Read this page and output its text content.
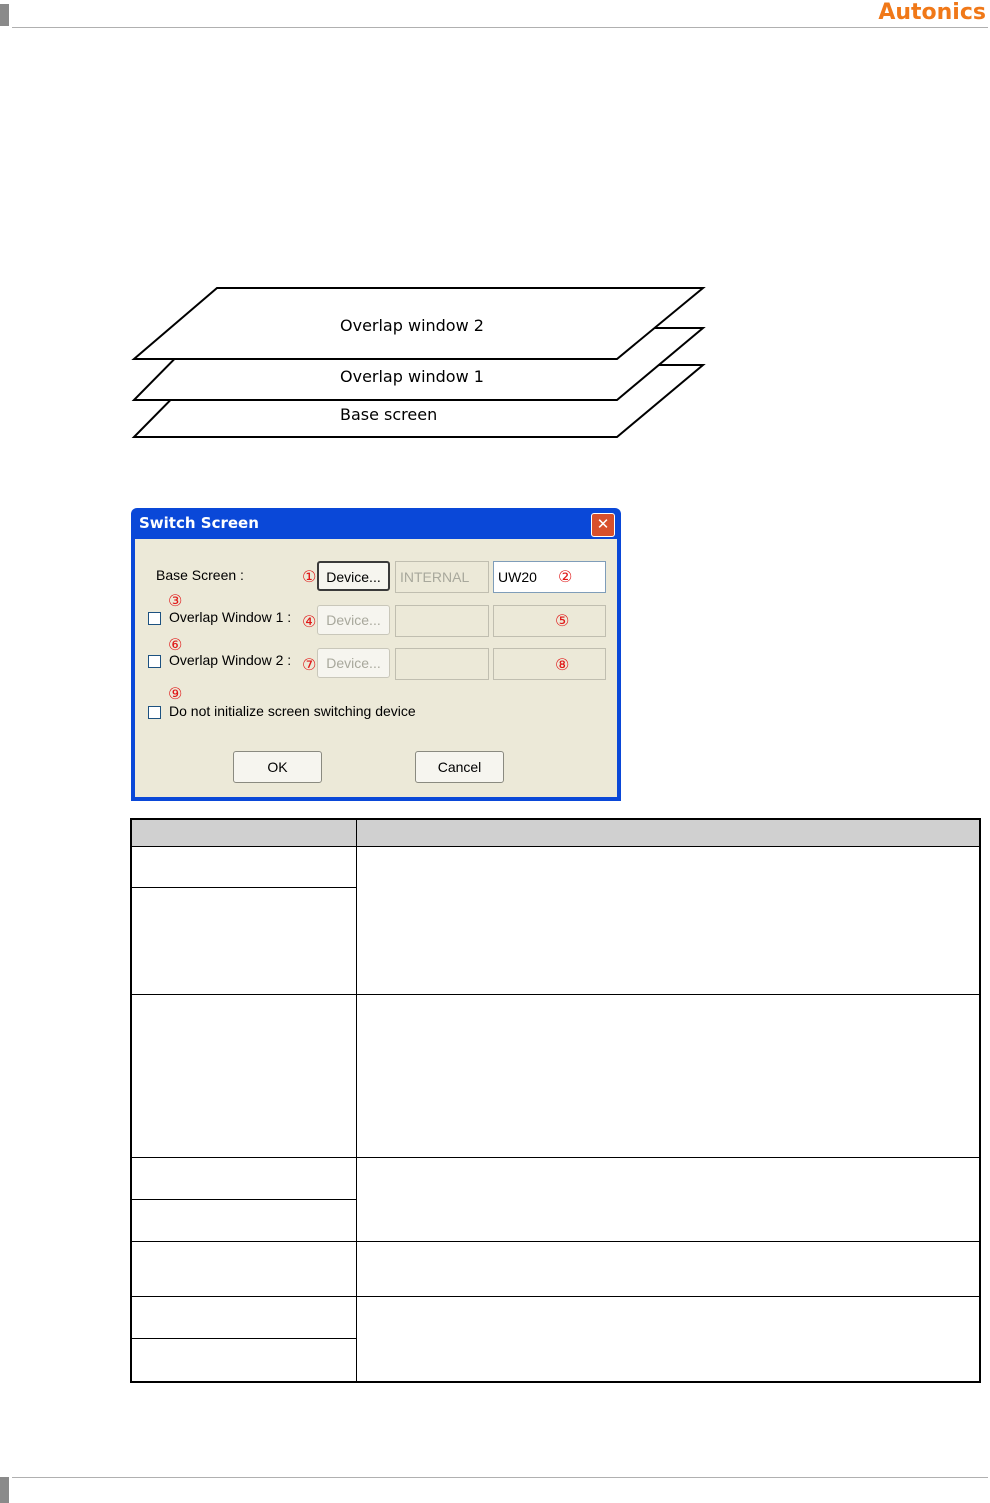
Autonics
Overlap window 2
Overlap window 1
Base screen
Switch Screen	✕
Base Screen :	① Device...	INTERNAL	UW20	②
③
Overlap Window 1 : ④ Device...	⑤
⑥
Overlap Window 2 : ⑦ Device...	⑧
⑨
Do not initialize screen switching device
OK	Cancel
